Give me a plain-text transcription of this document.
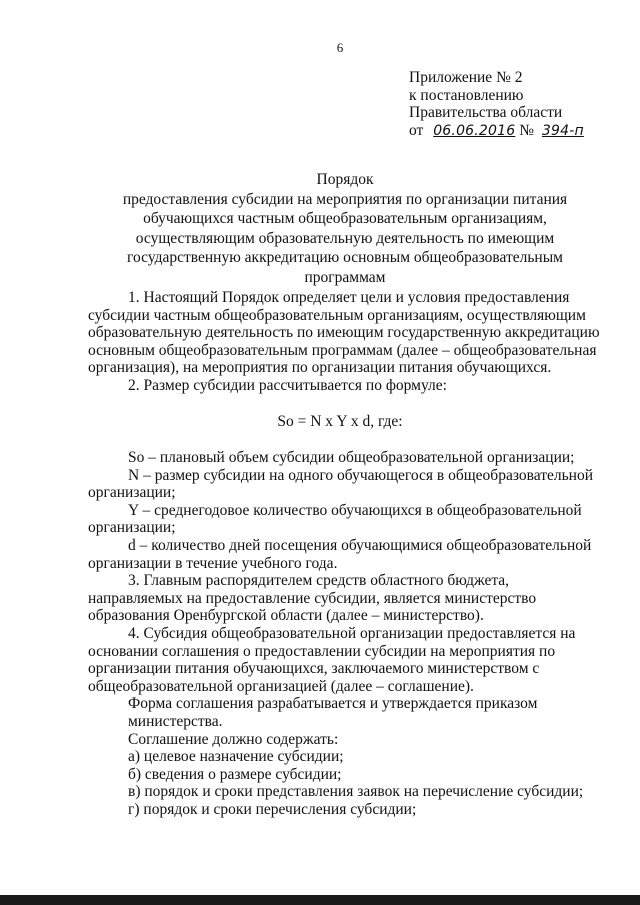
6
Приложение № 2
к постановлению
Правительства области
от 06.06.2016 № 394-п
Порядок
предоставления субсидии на мероприятия по организации питания
обучающихся частным общеобразовательным организациям,
осуществляющим образовательную деятельность по имеющим
государственную аккредитацию основным общеобразовательным
программам
1. Настоящий Порядок определяет цели и условия предоставления
субсидии частным общеобразовательным организациям, осуществляющим
образовательную деятельность по имеющим государственную аккредитацию
основным общеобразовательным программам (далее – общеобразовательная
организация), на мероприятия по организации питания обучающихся.
2. Размер субсидии рассчитывается по формуле:
So = N x Y x d, где:
So – плановый объем субсидии общеобразовательной организации;
N – размер субсидии на одного обучающегося в общеобразовательной
организации;
Y – среднегодовое количество обучающихся в общеобразовательной
организации;
d – количество дней посещения обучающимися общеобразовательной
организации в течение учебного года.
3. Главным распорядителем средств областного бюджета,
направляемых на предоставление субсидии, является министерство
образования Оренбургской области (далее – министерство).
4. Субсидия общеобразовательной организации предоставляется на
основании соглашения о предоставлении субсидии на мероприятия по
организации питания обучающихся, заключаемого министерством с
общеобразовательной организацией (далее – соглашение).
Форма соглашения разрабатывается и утверждается приказом
министерства.
Соглашение должно содержать:
а) целевое назначение субсидии;
б) сведения о размере субсидии;
в) порядок и сроки представления заявок на перечисление субсидии;
г) порядок и сроки перечисления субсидии;
